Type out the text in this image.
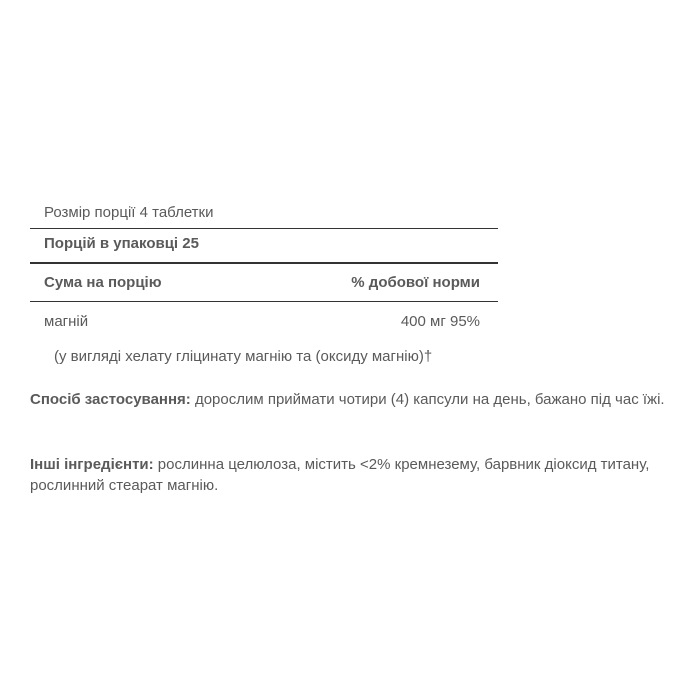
Розмір порції 4 таблетки
Порцій в упаковці 25
Сума на порцію	% добової норми
магній	400 мг 95%
(у вигляді хелату гліцинату магнію та (оксиду магнію)†
Спосіб застосування: дорослим приймати чотири (4) капсули на день, бажано під час їжі.
Інші інгредієнти: рослинна целюлоза, містить <2% кремнезему, барвник діоксид титану, рослинний стеарат магнію.
